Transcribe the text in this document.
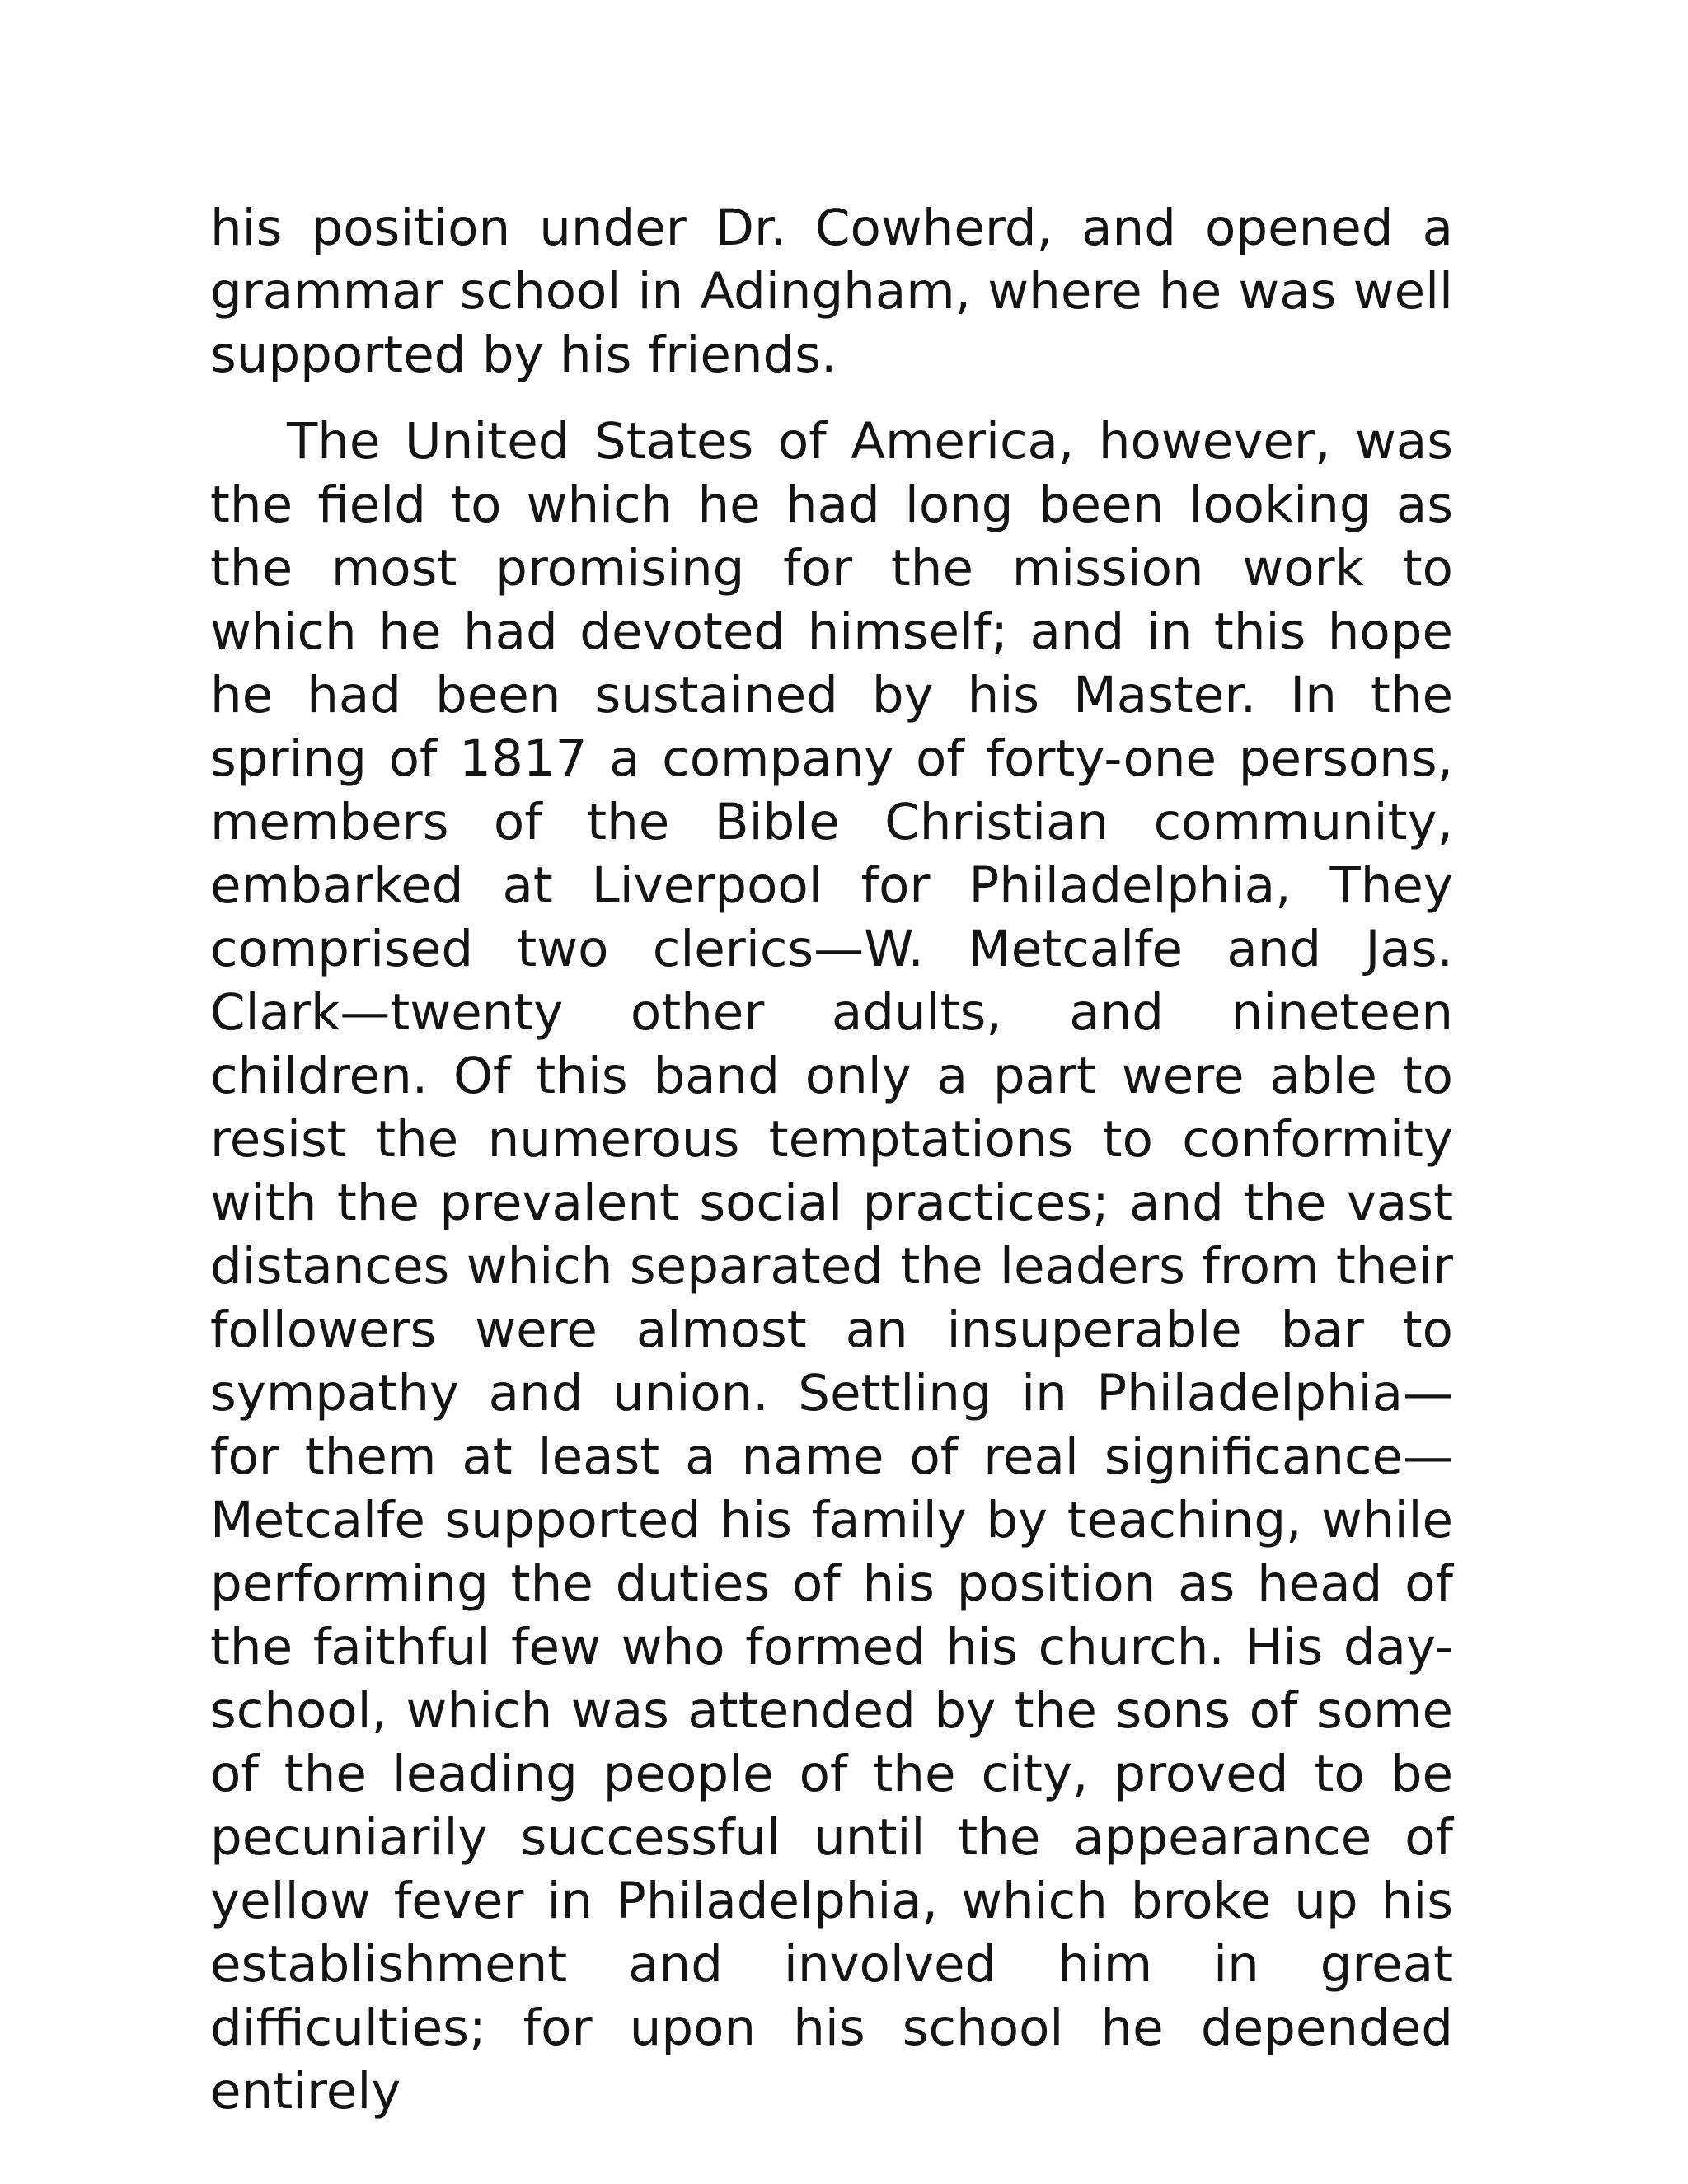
his position under Dr. Cowherd, and opened a grammar school in Adingham, where he was well supported by his friends.

The United States of America, however, was the field to which he had long been looking as the most promising for the mission work to which he had devoted himself; and in this hope he had been sustained by his Master. In the spring of 1817 a company of forty-one persons, members of the Bible Christian community, embarked at Liverpool for Philadelphia, They comprised two clerics—W. Metcalfe and Jas. Clark—twenty other adults, and nineteen children. Of this band only a part were able to resist the numerous temptations to conformity with the prevalent social practices; and the vast distances which separated the leaders from their followers were almost an insuperable bar to sympathy and union. Settling in Philadelphia—for them at least a name of real significance—Metcalfe supported his family by teaching, while performing the duties of his position as head of the faithful few who formed his church. His day-school, which was attended by the sons of some of the leading people of the city, proved to be pecuniarily successful until the appearance of yellow fever in Philadelphia, which broke up his establishment and involved him in great difficulties; for upon his school he depended entirely
